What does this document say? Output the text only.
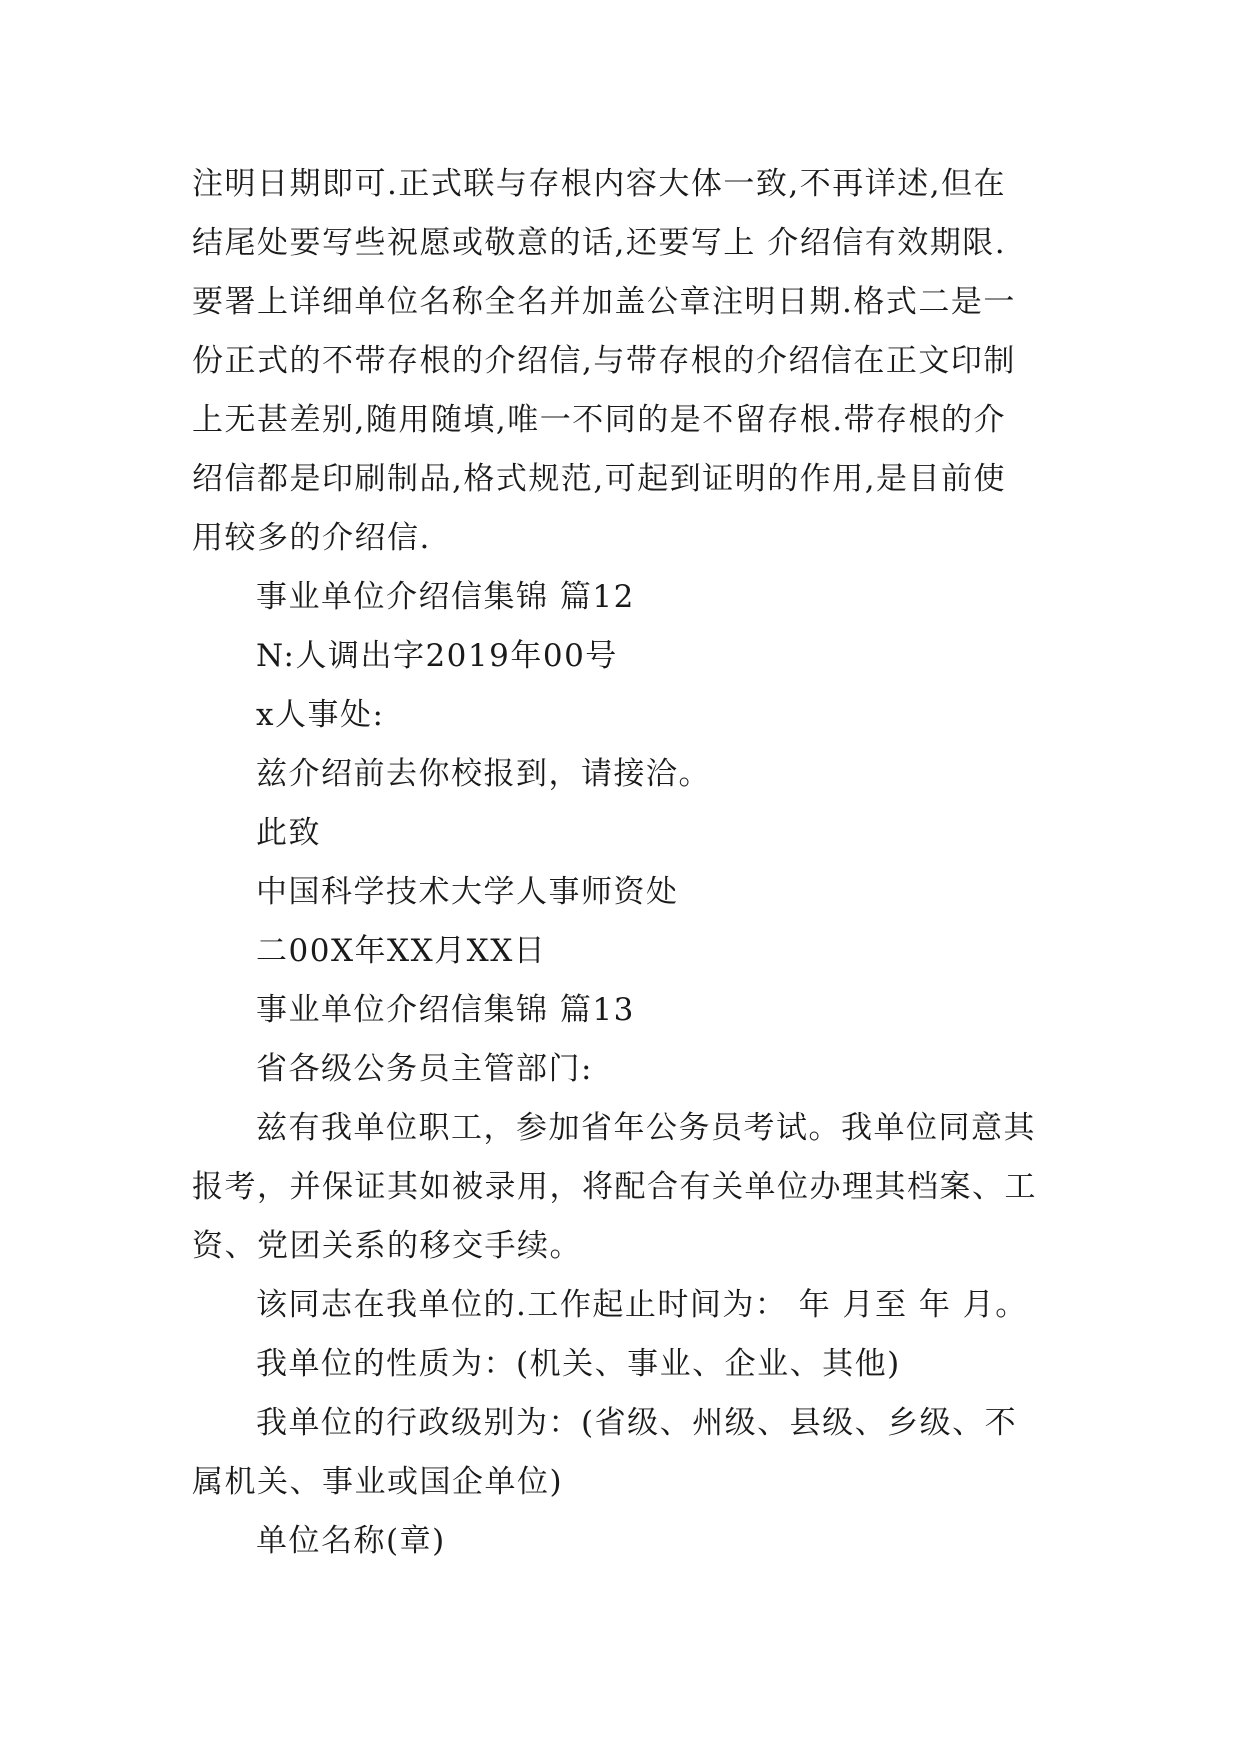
注明日期即可.正式联与存根内容大体一致,不再详述,但在
结尾处要写些祝愿或敬意的话,还要写上 介绍信有效期限.
要署上详细单位名称全名并加盖公章注明日期.格式二是一
份正式的不带存根的介绍信,与带存根的介绍信在正文印制
上无甚差别,随用随填,唯一不同的是不留存根.带存根的介
绍信都是印刷制品,格式规范,可起到证明的作用,是目前使
用较多的介绍信.
事业单位介绍信集锦 篇12
N:人调出字2019年00号
x人事处:
兹介绍前去你校报到，请接洽。
此致
中国科学技术大学人事师资处
二00X年XX月XX日
事业单位介绍信集锦 篇13
省各级公务员主管部门:
兹有我单位职工，参加省年公务员考试。我单位同意其
报考，并保证其如被录用，将配合有关单位办理其档案、工
资、党团关系的移交手续。
该同志在我单位的.工作起止时间为： 年 月至 年 月。
我单位的性质为：(机关、事业、企业、其他)
我单位的行政级别为：(省级、州级、县级、乡级、不
属机关、事业或国企单位)
单位名称(章)
